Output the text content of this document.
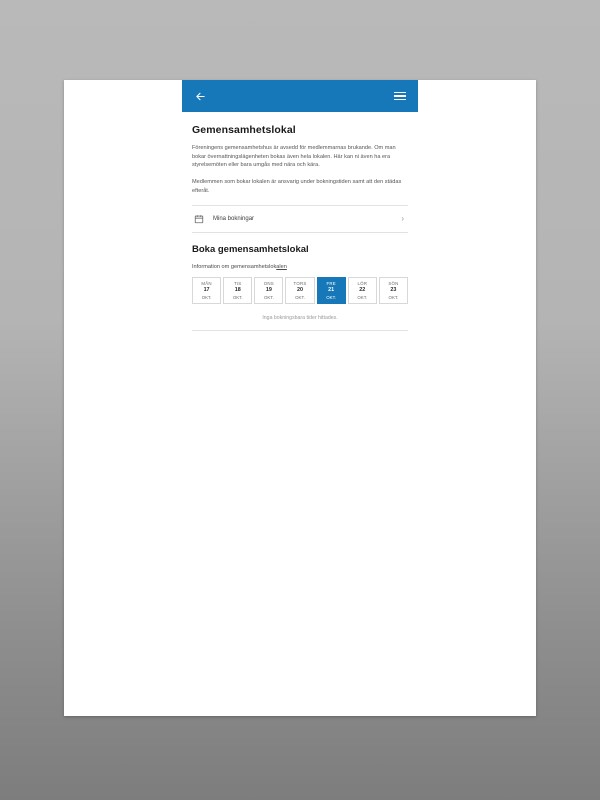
Gemensamhetslokal

Föreningens gemensamhetshus är avsedd för medlemmarnas brukande. Om man bokar övernattningslägenheten bokas även hela lokalen. Här kan ni även ha era styrelsemöten eller bara umgås med nära och kära.

Medlemmen som bokar lokalen är ansvarig under bokningstiden samt att den städas efteråt.

Mina bokningar	›
Boka gemensamhetslokal
Information om gemensamhetslokalen
MÅN
17
OKT.
TIS
18
OKT.
ONS
19
OKT.
TORS
20
OKT.
FRE
21
OKT.
LÖR
22
OKT.
SÖN
23
OKT.
Inga bokningsbara tider hittades.
